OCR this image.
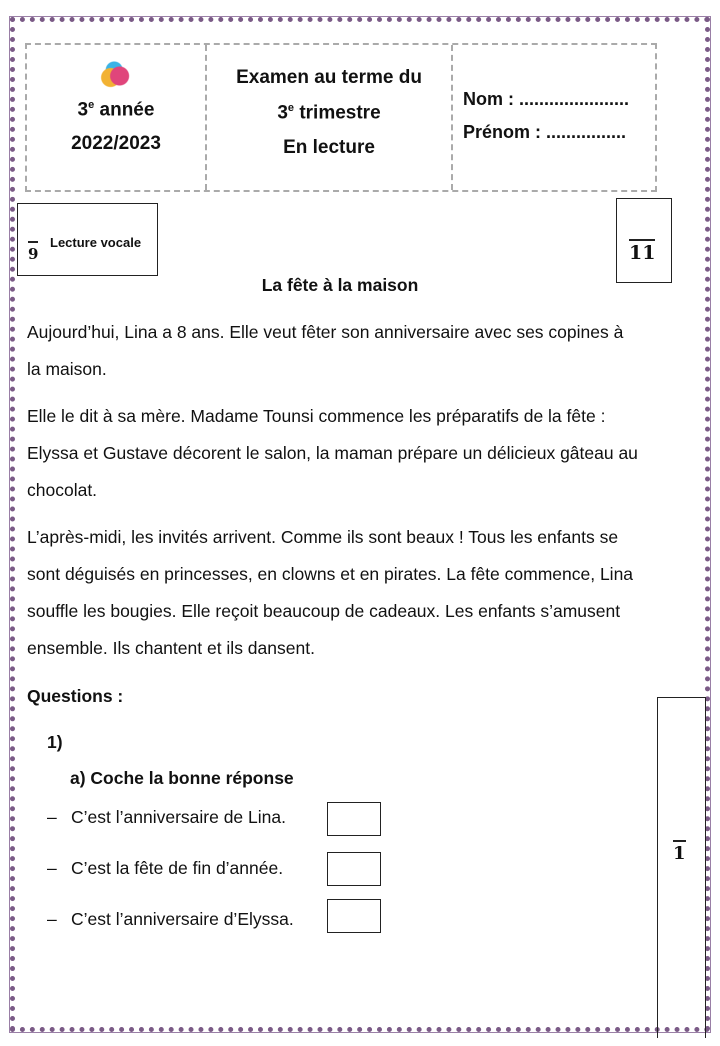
3e année
2022/2023
Examen au terme du
3e trimestre
En lecture
Nom : ......................
Prénom : ................
9
Lecture vocale	11
La fête à la maison
Aujourd’hui, Lina a 8 ans. Elle veut fêter son anniversaire avec ses copines à
la maison.
Elle le dit à sa mère. Madame Tounsi commence les préparatifs de la fête :
Elyssa et Gustave décorent le salon, la maman prépare un délicieux gâteau au
chocolat.
L’après-midi, les invités arrivent. Comme ils sont beaux ! Tous les enfants se
sont déguisés en princesses, en clowns et en pirates. La fête commence, Lina
souffle les bougies. Elle reçoit beaucoup de cadeaux. Les enfants s’amusent
ensemble. Ils chantent et ils dansent.
Questions :
1)
a) Coche la bonne réponse
– C’est l’anniversaire de Lina.
– C’est la fête de fin d’année.
– C’est l’anniversaire d’Elyssa.
1
